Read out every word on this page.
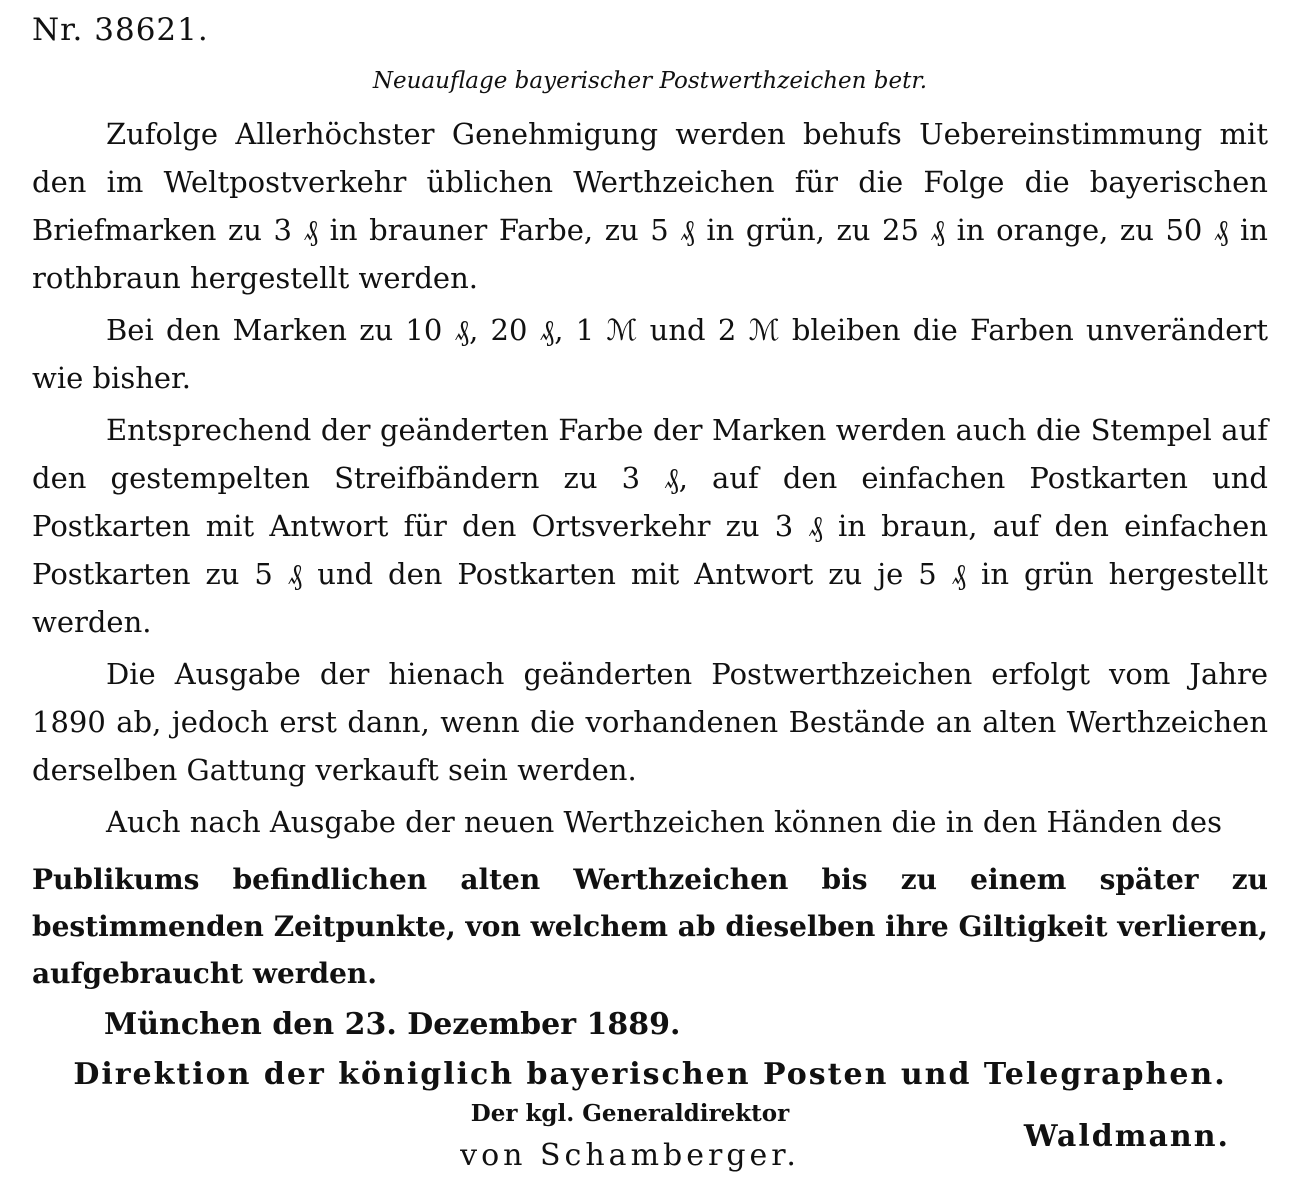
Nr. 38621.
Neuauflage bayerischer Postwerthzeichen betr.

Zufolge Allerhöchster Genehmigung werden behufs Uebereinstimmung mit den im Weltpostverkehr üblichen Werthzeichen für die Folge die bayerischen Briefmarken zu 3 ₰ in brauner Farbe, zu 5 ₰ in grün, zu 25 ₰ in orange, zu 50 ₰ in rothbraun hergestellt werden.

Bei den Marken zu 10 ₰, 20 ₰, 1 ℳ und 2 ℳ bleiben die Farben unverändert wie bisher.

Entsprechend der geänderten Farbe der Marken werden auch die Stempel auf den gestempelten Streifbändern zu 3 ₰, auf den einfachen Postkarten und Postkarten mit Antwort für den Ortsverkehr zu 3 ₰ in braun, auf den einfachen Postkarten zu 5 ₰ und den Postkarten mit Antwort zu je 5 ₰ in grün hergestellt werden.

Die Ausgabe der hienach geänderten Postwerthzeichen erfolgt vom Jahre 1890 ab, jedoch erst dann, wenn die vorhandenen Bestände an alten Werthzeichen derselben Gattung verkauft sein werden.

Auch nach Ausgabe der neuen Werthzeichen können die in den Händen des

Publikums befindlichen alten Werthzeichen bis zu einem später zu bestimmenden Zeitpunkte, von welchem ab dieselben ihre Giltigkeit verlieren, aufgebraucht werden.

München den 23. Dezember 1889.
Direktion der königlich bayerischen Posten und Telegraphen.
Der kgl. Generaldirektor
von Schamberger.
Waldmann.
